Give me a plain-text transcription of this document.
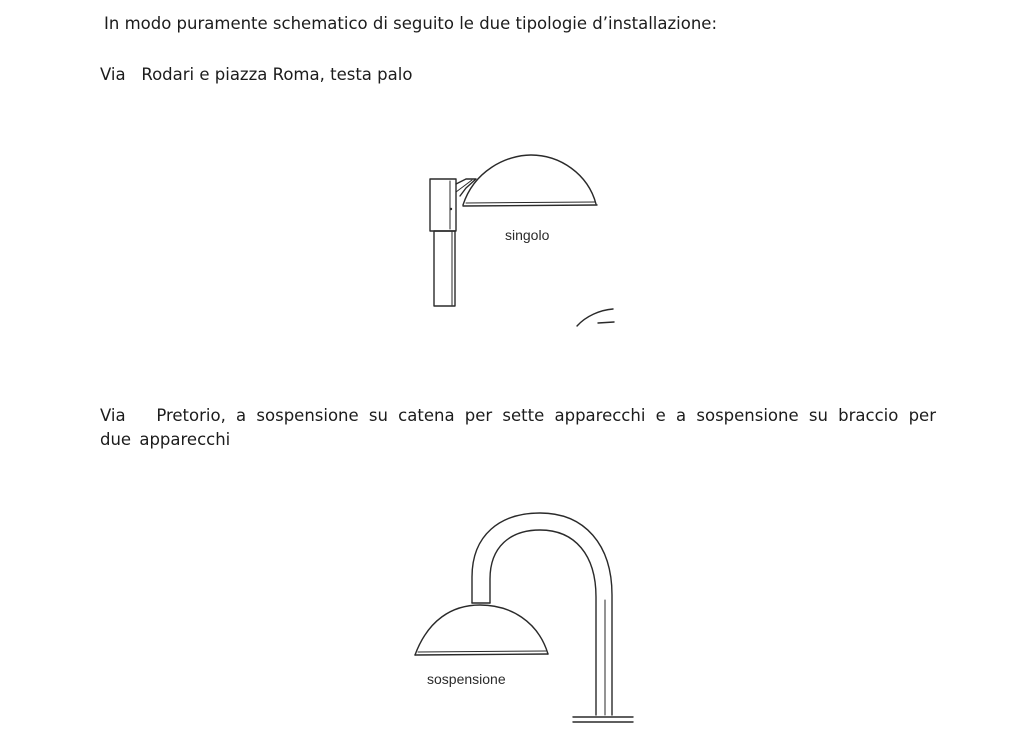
In modo puramente schematico di seguito le due tipologie d’installazione:

Via   Rodari e piazza Roma, testa palo

singolo

Via   Pretorio, a sospensione su catena per sette apparecchi e a sospensione su braccio per due apparecchi

sospensione
